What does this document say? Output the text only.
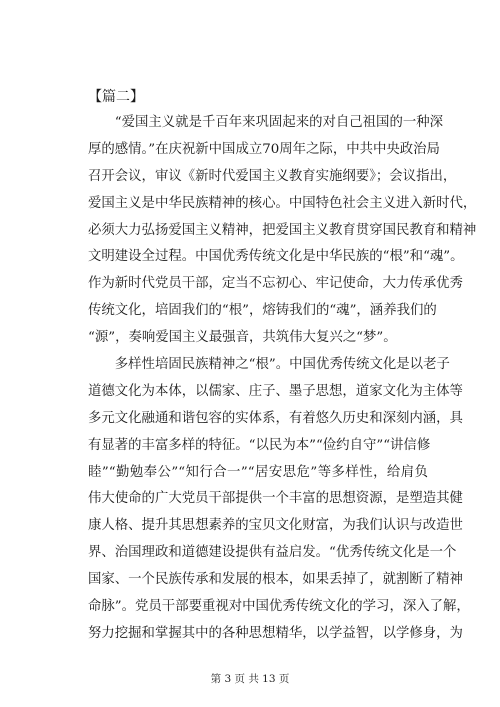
【篇二】
　　“爱国主义就是千百年来巩固起来的对自己祖国的一种深
厚的感情。”在庆祝新中国成立70周年之际，中共中央政治局
召开会议，审议《新时代爱国主义教育实施纲要》；会议指出，
爱国主义是中华民族精神的核心。中国特色社会主义进入新时代，
必须大力弘扬爱国主义精神，把爱国主义教育贯穿国民教育和精神
文明建设全过程。中国优秀传统文化是中华民族的“根”和“魂”。
作为新时代党员干部，定当不忘初心、牢记使命，大力传承优秀
传统文化，培固我们的“根”，熔铸我们的“魂”，涵养我们的
“源”，奏响爱国主义最强音，共筑伟大复兴之“梦”。
　　多样性培固民族精神之“根”。中国优秀传统文化是以老子
道德文化为本体，以儒家、庄子、墨子思想，道家文化为主体等
多元文化融通和谐包容的实体系，有着悠久历史和深刻内涵，具
有显著的丰富多样的特征。“以民为本”“俭约自守”“讲信修
睦”“勤勉奉公”“知行合一”“居安思危”等多样性，给肩负
伟大使命的广大党员干部提供一个丰富的思想资源，是塑造其健
康人格、提升其思想素养的宝贝文化财富，为我们认识与改造世
界、治国理政和道德建设提供有益启发。“优秀传统文化是一个
国家、一个民族传承和发展的根本，如果丢掉了，就割断了精神
命脉”。党员干部要重视对中国优秀传统文化的学习，深入了解，
努力挖掘和掌握其中的各种思想精华，以学益智，以学修身，为
第 3 页 共 13 页
